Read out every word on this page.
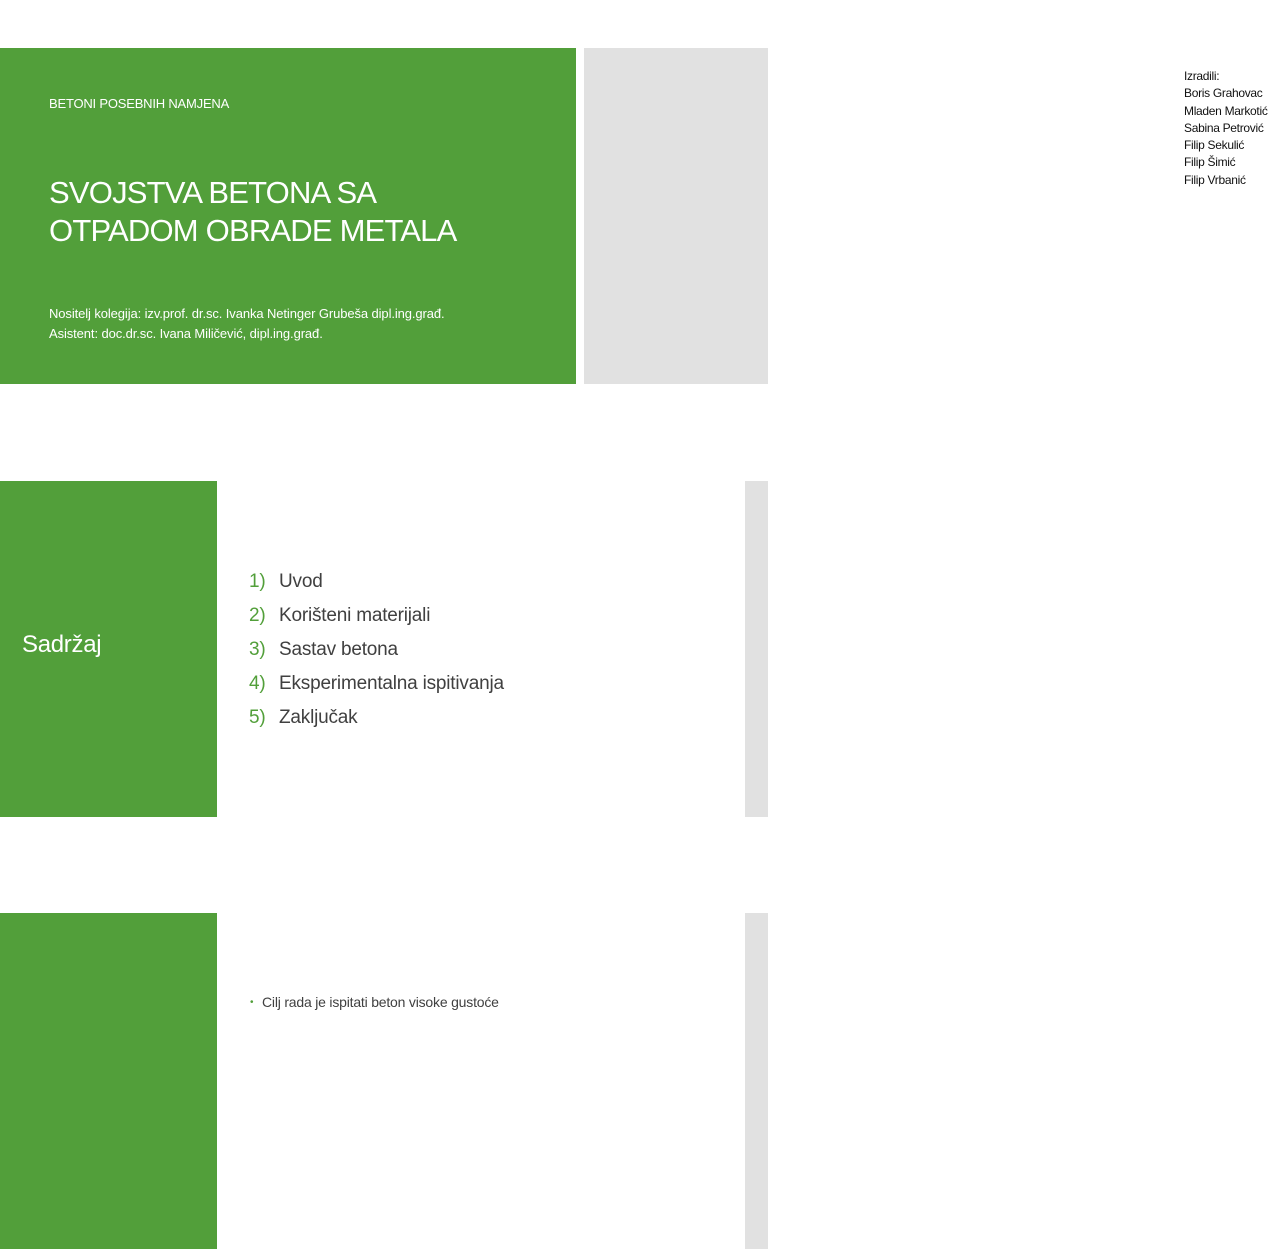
BETONI POSEBNIH NAMJENA
SVOJSTVA BETONA SA
OTPADOM OBRADE METALA
Nositelj kolegija: izv.prof. dr.sc. Ivanka Netinger Grubeša dipl.ing.građ.
Asistent: doc.dr.sc. Ivana Miličević, dipl.ing.građ.
Izradili:
Boris Grahovac
Mladen Markotić
Sabina Petrović
Filip Sekulić
Filip Šimić
Filip Vrbanić
Sadržaj
1) Uvod
2) Korišteni materijali
3) Sastav betona
4) Eksperimentalna ispitivanja
5) Zaključak
• Cilj rada je ispitati beton visoke gustoće
